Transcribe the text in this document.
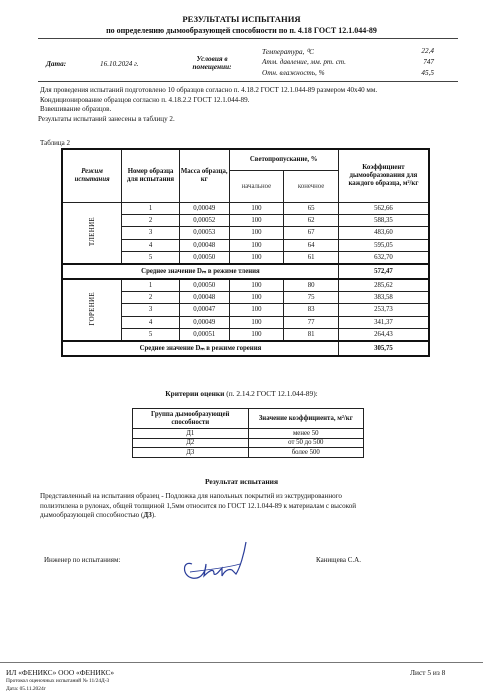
РЕЗУЛЬТАТЫ ИСПЫТАНИЯ
по определению дымообразующей способности по п. 4.18 ГОСТ 12.1.044-89
Дата:	16.10.2024 г.
Условия в
помещении:
Температура, ⁰С	22,4
Атм. давление, мм. рт. ст.	747
Отн. влажность, %	45,5
Для проведения испытаний подготовлено 10 образцов согласно п. 4.18.2 ГОСТ 12.1.044-89 размером 40х40 мм.
Кондиционирование образцов согласно п. 4.18.2.2 ГОСТ 12.1.044-89.
Взвешивание образцов.
Результаты испытаний занесены в таблицу 2.
Таблица 2
Режим испытания	Номер образца для испытания	Масса образца, кг	Светопропускание, %		Коэффициент дымообразования для каждого образца, м²/кг
			начальное	конечное	
ТЛЕНИЕ	1	0,00049	100	65	562,66
	2	0,00052	100	62	588,35
	3	0,00053	100	67	483,60
	4	0,00048	100	64	595,05
	5	0,00050	100	61	632,70
Среднее значение Dₘ в режиме тления					572,47
ГОРЕНИЕ	1	0,00050	100	80	285,62
	2	0,00048	100	75	383,58
	3	0,00047	100	83	253,73
	4	0,00049	100	77	341,37
	5	0,00051	100	81	264,43
Среднее значение Dₘ в режиме горения					305,75
Критерии оценки (п. 2.14.2 ГОСТ 12.1.044-89):
Группа дымообразующей способности	Значение коэффициента, м²/кг
Д1	менее 50
Д2	от 50 до 500
Д3	более 500
Результат испытания
Представленный на испытания образец - Подложка для напольных покрытий из экструдированного
полиэтилена в рулонах, общей толщиной 1,5мм относится по ГОСТ 12.1.044-89 к материалам с высокой
дымообразующей способностью (Д3).
Инженер по испытаниям:	Канищева С.А.
ИЛ «ФЕНИКС» ООО «ФЕНИКС»
Протокол оценочных испытаний № 11/24Д-3
Дата: 05.11.2024г
Лист 5 из 8
